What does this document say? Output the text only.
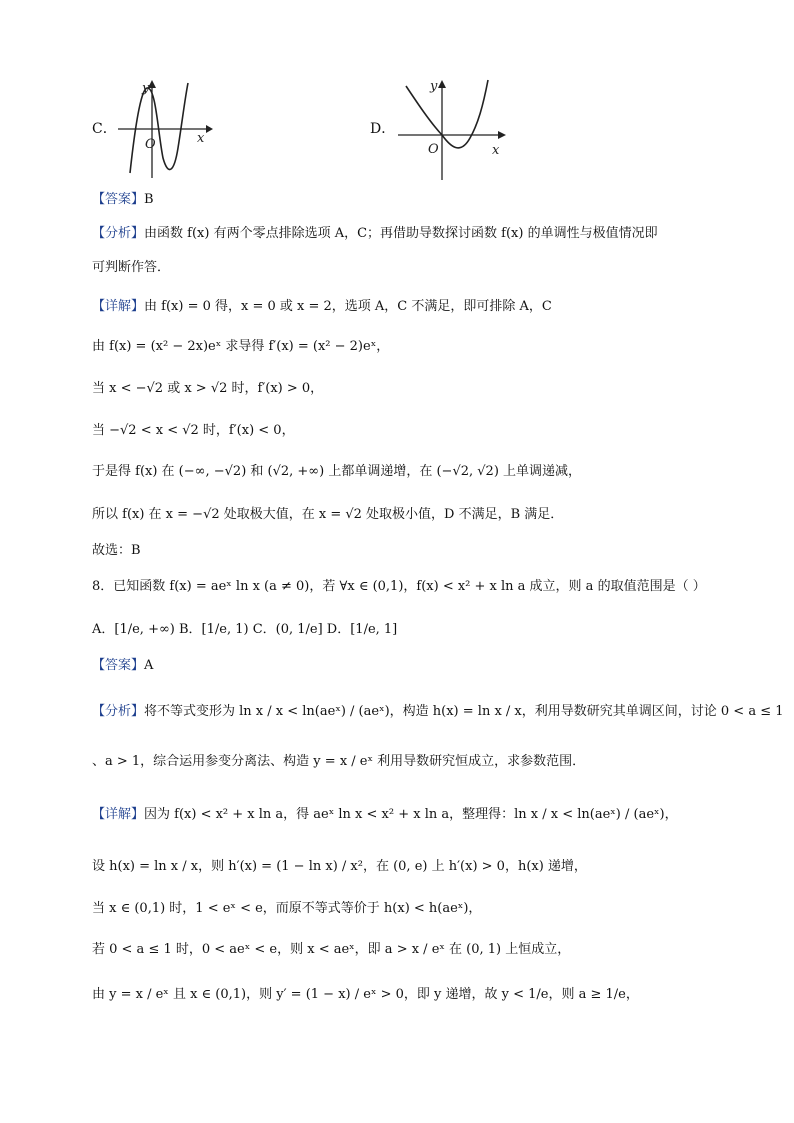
C．
y
x
O
D．
y
x
O
【答案】B
【分析】由函数 f(x) 有两个零点排除选项 A，C；再借助导数探讨函数 f(x) 的单调性与极值情况即
可判断作答．
【详解】由 f(x) = 0 得，x = 0 或 x = 2，选项 A，C 不满足，即可排除 A，C
由 f(x) = (x² − 2x)eˣ 求导得 f′(x) = (x² − 2)eˣ，
当 x < −√2 或 x > √2 时，f′(x) > 0，
当 −√2 < x < √2 时，f′(x) < 0，
于是得 f(x) 在 (−∞, −√2) 和 (√2, +∞) 上都单调递增，在 (−√2, √2) 上单调递减，
所以 f(x) 在 x = −√2 处取极大值，在 x = √2 处取极小值，D 不满足，B 满足．
故选：B
8．已知函数 f(x) = aeˣ ln x (a ≠ 0)，若 ∀x ∈ (0,1)，f(x) < x² + x ln a 成立，则 a 的取值范围是（ ）
A．[1/e, +∞) B．[1/e, 1) C．(0, 1/e] D．[1/e, 1]
【答案】A
【分析】将不等式变形为 ln x / x < ln(aeˣ) / (aeˣ)，构造 h(x) = ln x / x，利用导数研究其单调区间，讨论 0 < a ≤ 1
、a > 1，综合运用参变分离法、构造 y = x / eˣ 利用导数研究恒成立，求参数范围．
【详解】因为 f(x) < x² + x ln a，得 aeˣ ln x < x² + x ln a，整理得：ln x / x < ln(aeˣ) / (aeˣ)，
设 h(x) = ln x / x，则 h′(x) = (1 − ln x) / x²，在 (0, e) 上 h′(x) > 0，h(x) 递增，
当 x ∈ (0,1) 时，1 < eˣ < e，而原不等式等价于 h(x) < h(aeˣ)，
若 0 < a ≤ 1 时，0 < aeˣ < e，则 x < aeˣ，即 a > x / eˣ 在 (0, 1) 上恒成立，
由 y = x / eˣ 且 x ∈ (0,1)，则 y′ = (1 − x) / eˣ > 0，即 y 递增，故 y < 1/e，则 a ≥ 1/e，
